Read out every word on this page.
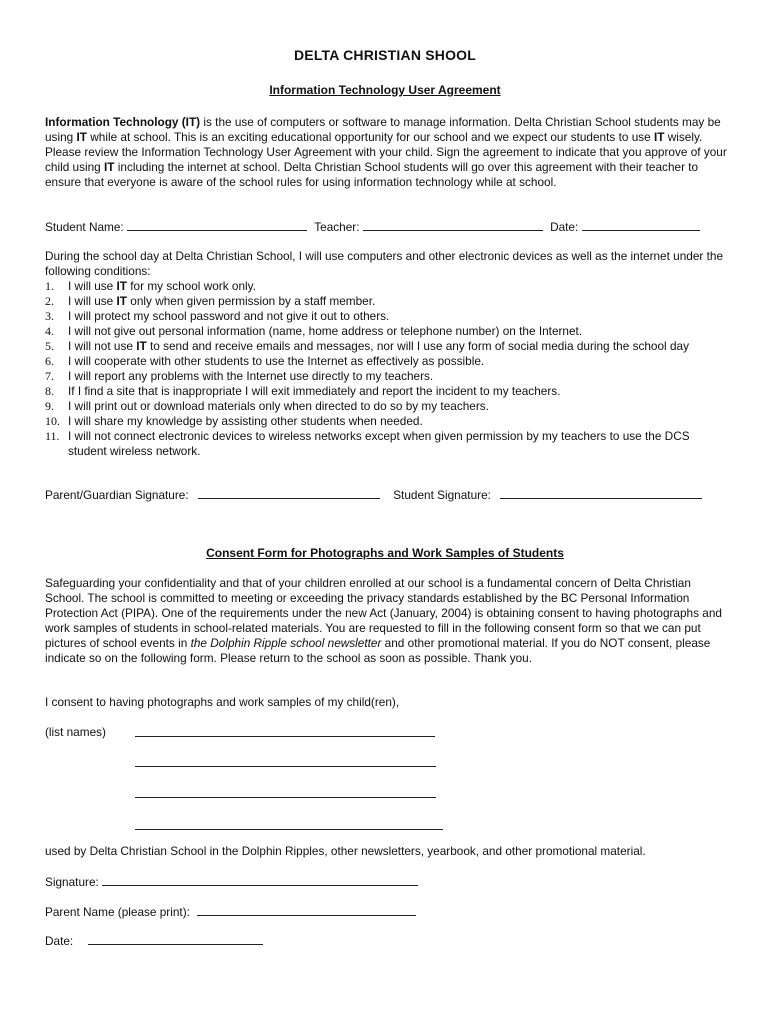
DELTA CHRISTIAN SHOOL
Information Technology User Agreement
Information Technology (IT) is the use of computers or software to manage information. Delta Christian School students may be using IT while at school. This is an exciting educational opportunity for our school and we expect our students to use IT wisely. Please review the Information Technology User Agreement with your child. Sign the agreement to indicate that you approve of your child using IT including the internet at school. Delta Christian School students will go over this agreement with their teacher to ensure that everyone is aware of the school rules for using information technology while at school.
Student Name:	Teacher:	Date:
During the school day at Delta Christian School, I will use computers and other electronic devices as well as the internet under the following conditions:
1. I will use IT for my school work only.
2. I will use IT only when given permission by a staff member.
3. I will protect my school password and not give it out to others.
4. I will not give out personal information (name, home address or telephone number) on the Internet.
5. I will not use IT to send and receive emails and messages, nor will I use any form of social media during the school day
6. I will cooperate with other students to use the Internet as effectively as possible.
7. I will report any problems with the Internet use directly to my teachers.
8. If I find a site that is inappropriate I will exit immediately and report the incident to my teachers.
9. I will print out or download materials only when directed to do so by my teachers.
10. I will share my knowledge by assisting other students when needed.
11. I will not connect electronic devices to wireless networks except when given permission by my teachers to use the DCS student wireless network.
Parent/Guardian Signature:	Student Signature:
Consent Form for Photographs and Work Samples of Students
Safeguarding your confidentiality and that of your children enrolled at our school is a fundamental concern of Delta Christian School. The school is committed to meeting or exceeding the privacy standards established by the BC Personal Information Protection Act (PIPA). One of the requirements under the new Act (January, 2004) is obtaining consent to having photographs and work samples of students in school-related materials. You are requested to fill in the following consent form so that we can put pictures of school events in the Dolphin Ripple school newsletter and other promotional material. If you do NOT consent, please indicate so on the following form. Please return to the school as soon as possible. Thank you.
I consent to having photographs and work samples of my child(ren),
(list names)
used by Delta Christian School in the Dolphin Ripples, other newsletters, yearbook, and other promotional material.
Signature:
Parent Name (please print):
Date:
